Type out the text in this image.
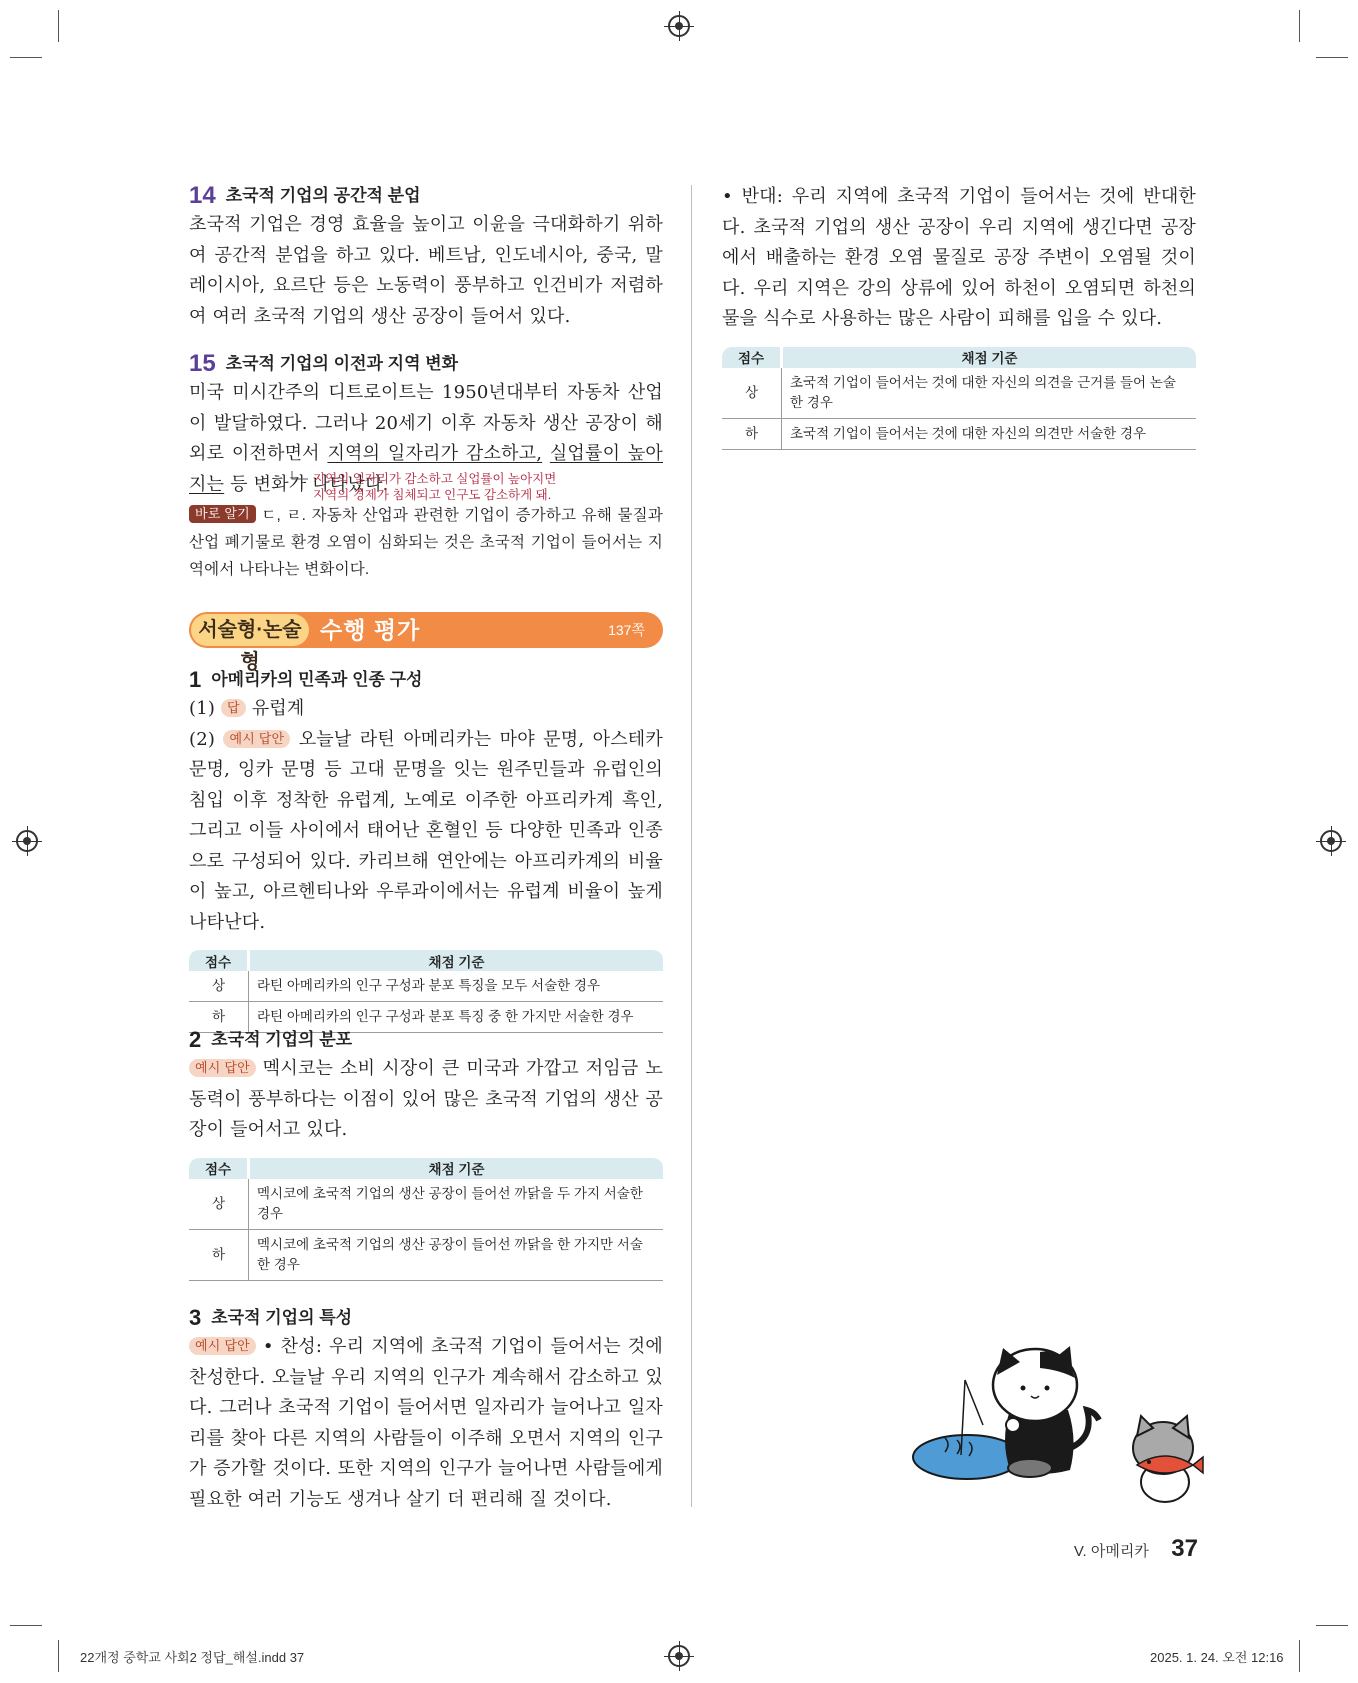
14 초국적 기업의 공간적 분업

초국적 기업은 경영 효율을 높이고 이윤을 극대화하기 위하여 공간적 분업을 하고 있다. 베트남, 인도네시아, 중국, 말레이시아, 요르단 등은 노동력이 풍부하고 인건비가 저렴하여 여러 초국적 기업의 생산 공장이 들어서 있다.

15 초국적 기업의 이전과 지역 변화

미국 미시간주의 디트로이트는 1950년대부터 자동차 산업이 발달하였다. 그러나 20세기 이후 자동차 생산 공장이 해외로 이전하면서 지역의 일자리가 감소하고, 실업률이 높아지는 등 변화가 나타났다.

지역의 일자리가 감소하고 실업률이 높아지면
지역의 경제가 침체되고 인구도 감소하게 돼.

바로 알기 ㄷ, ㄹ. 자동차 산업과 관련한 기업이 증가하고 유해 물질과 산업 폐기물로 환경 오염이 심화되는 것은 초국적 기업이 들어서는 지역에서 나타나는 변화이다.

1 아메리카의 민족과 인종 구성

(1) 답 유럽계

(2) 예시 답안 오늘날 라틴 아메리카는 마야 문명, 아스테카 문명, 잉카 문명 등 고대 문명을 잇는 원주민들과 유럽인의 침입 이후 정착한 유럽계, 노예로 이주한 아프리카계 흑인, 그리고 이들 사이에서 태어난 혼혈인 등 다양한 민족과 인종으로 구성되어 있다. 카리브해 연안에는 아프리카계의 비율이 높고, 아르헨티나와 우루과이에서는 유럽계 비율이 높게 나타난다.

점수	채점 기준
상	라틴 아메리카의 인구 구성과 분포 특징을 모두 서술한 경우
하	라틴 아메리카의 인구 구성과 분포 특징 중 한 가지만 서술한 경우

2 초국적 기업의 분포

예시 답안 멕시코는 소비 시장이 큰 미국과 가깝고 저임금 노동력이 풍부하다는 이점이 있어 많은 초국적 기업의 생산 공장이 들어서고 있다.

점수	채점 기준
상	멕시코에 초국적 기업의 생산 공장이 들어선 까닭을 두 가지 서술한 경우
하	멕시코에 초국적 기업의 생산 공장이 들어선 까닭을 한 가지만 서술한 경우

3 초국적 기업의 특성

예시 답안 • 찬성: 우리 지역에 초국적 기업이 들어서는 것에 찬성한다. 오늘날 우리 지역의 인구가 계속해서 감소하고 있다. 그러나 초국적 기업이 들어서면 일자리가 늘어나고 일자리를 찾아 다른 지역의 사람들이 이주해 오면서 지역의 인구가 증가할 것이다. 또한 지역의 인구가 늘어나면 사람들에게 필요한 여러 기능도 생겨나 살기 더 편리해 질 것이다.

서술형·논술형
수행 평가	137쪽

• 반대: 우리 지역에 초국적 기업이 들어서는 것에 반대한다. 초국적 기업의 생산 공장이 우리 지역에 생긴다면 공장에서 배출하는 환경 오염 물질로 공장 주변이 오염될 것이다. 우리 지역은 강의 상류에 있어 하천이 오염되면 하천의 물을 식수로 사용하는 많은 사람이 피해를 입을 수 있다.

점수	채점 기준
상	초국적 기업이 들어서는 것에 대한 자신의 의견을 근거를 들어 논술한 경우
하	초국적 기업이 들어서는 것에 대한 자신의 의견만 서술한 경우
V. 아메리카 37
22개정 중학교 사회2 정답_해설.indd 37	2025. 1. 24. 오전 12:16
